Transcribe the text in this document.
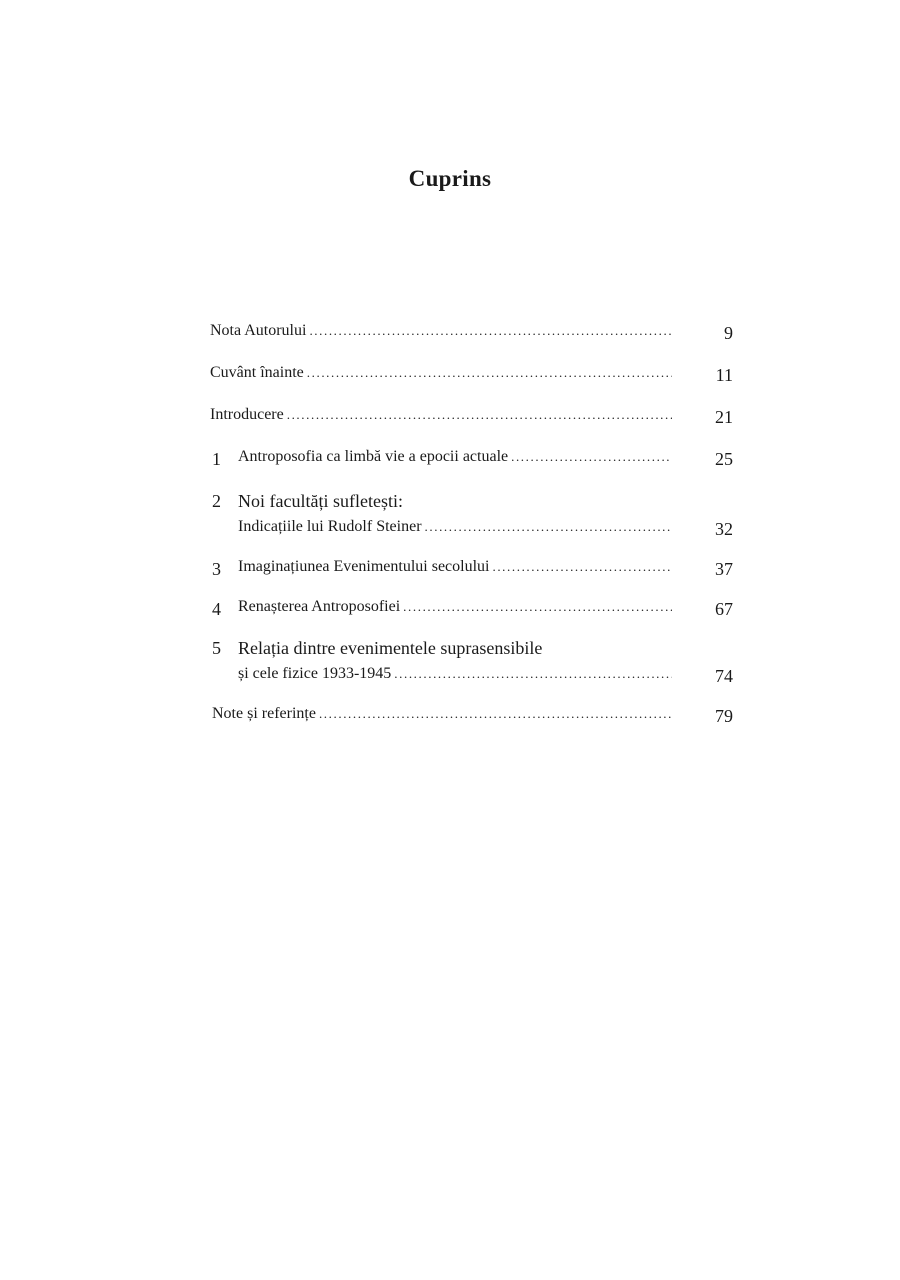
Cuprins
Nota Autorului .....	9
Cuvânt înainte .....	11
Introducere .....	21
1	Antroposofia ca limbă vie a epocii actuale .....	25
2 Noi facultăți sufletești:
Indicațiile lui Rudolf Steiner .....	32
3	Imaginațiunea Evenimentului secolului .....	37
4	Renașterea Antroposofiei .....	67
5 Relația dintre evenimentele suprasensibile
și cele fizice 1933-1945 .....	74
Note și referințe .....	79
